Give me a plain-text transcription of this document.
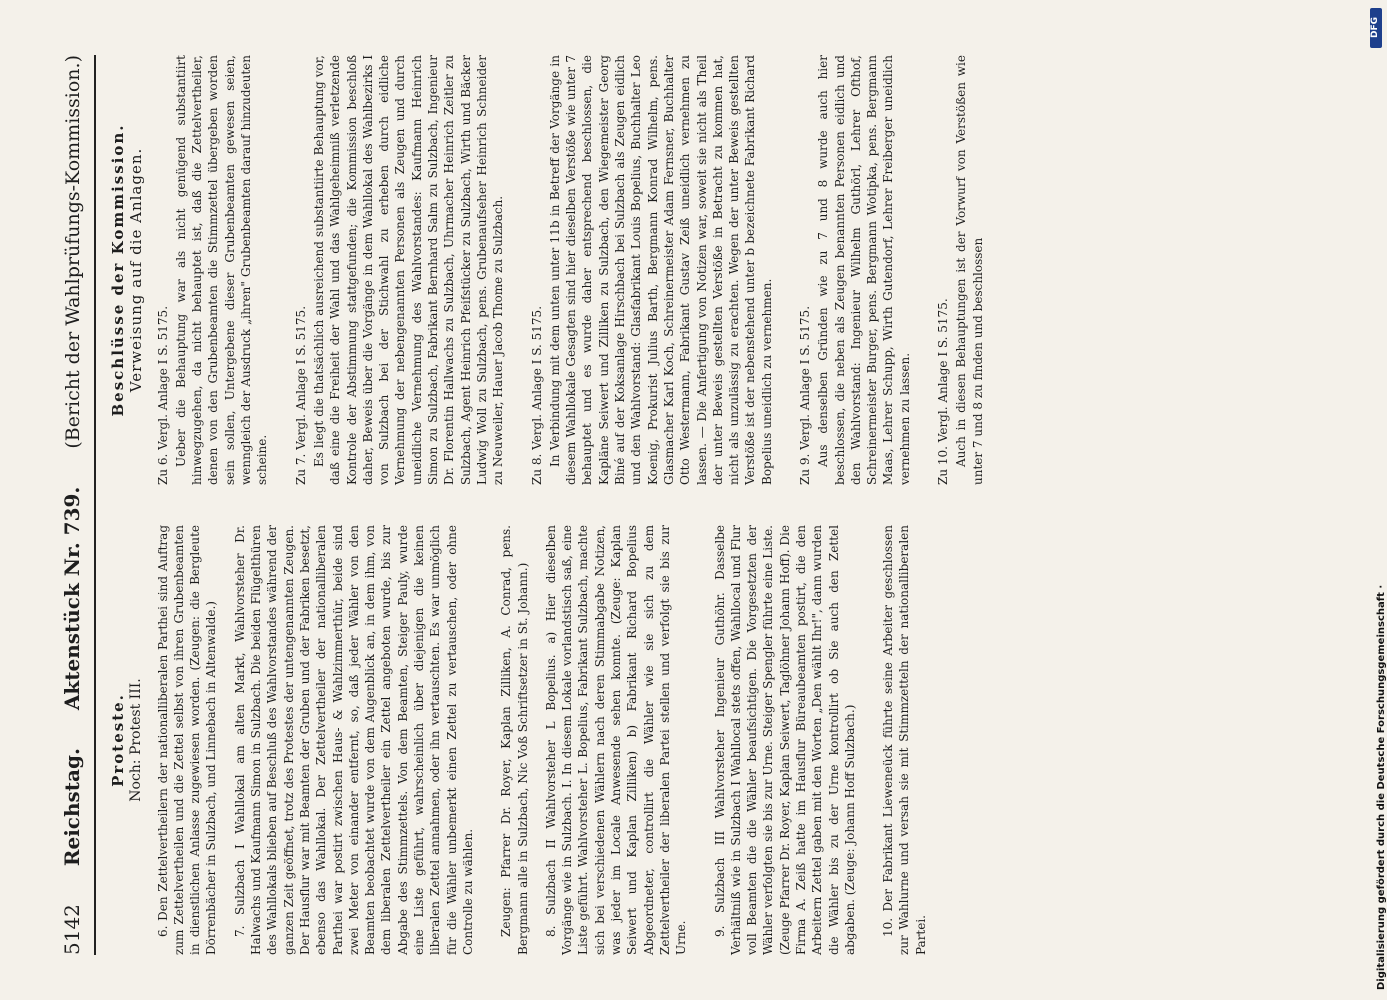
5142
Reichstag.
Aktenstück Nr. 739.
(Bericht der Wahlprüfungs-Kommission.)
Proteste. Noch: Protest III. 6. Den Zettelvertheilern der nationalliberalen Parthei sind Auftrag zum Zettelvertheilen und die Zettel selbst von ihren Grubenbeamten in dienstlichen Anlasse zugewiesen worden. (Zeugen: die Bergleute Dörrenbächer in Sulzbach, und Linnebach in Altenwalde.) 7. Sulzbach I Wahllokal am alten Markt, Wahlvorsteher Dr. Halwachs und Kaufmann Simon in Sulzbach. Die beiden Flügelthüren des Wahllokals blieben auf Beschluß des Wahlvorstandes während der ganzen Zeit geöffnet, trotz des Protestes der untengenannten Zeugen. Der Hausflur war mit Beamten der Gruben und der Fabriken besetzt, ebenso das Wahllokal. Der Zettelvertheiler der nationalliberalen Parthei war postirt zwischen Haus- & Wahlzimmerthür, beide sind zwei Meter von einander entfernt, so, daß jeder Wähler von den Beamten beobachtet wurde von dem Augenblick an, in dem ihm, von dem liberalen Zettelvertheiler ein Zettel angeboten wurde, bis zur Abgabe des Stimmzettels. Von dem Beamten, Steiger Pauly, wurde eine Liste geführt, wahrscheinlich über diejenigen die keinen liberalen Zettel annahmen, oder ihn vertauschten. Es war unmöglich für die Wähler unbemerkt einen Zettel zu vertauschen, oder ohne Controlle zu wählen. Zeugen: Pfarrer Dr. Royer, Kaplan Zilliken, A. Conrad, pens. Bergmann alle in Sulzbach, Nic Voß Schriftsetzer in St. Johann.) 8. Sulzbach II Wahlvorsteher L Bopelius. a) Hier dieselben Vorgänge wie in Sulzbach. I. In diesem Lokale vorlandstisch saß, eine Liste geführt. Wahlvorsteher L. Bopelius, Fabrikant Sulzbach, machte sich bei verschiedenen Wählern nach deren Stimmabgabe Notizen, was jeder im Locale Anwesende sehen konnte. (Zeuge: Kaplan Seiwert und Kaplan Zilliken) b) Fabrikant Richard Bopelius Abgeordneter, controllirt die Wähler wie sie sich zu dem Zettelvertheiler der liberalen Partei stellen und verfolgt sie bis zur Urne.

9. Sulzbach III Wahlvorsteher Ingenieur Guthöhr. Dasselbe Verhältniß wie in Sulzbach I Wahllocal stets offen, Wahllocal und Flur voll Beamten die die Wähler beaufsichtigen. Die Vorgesetzten der Wähler verfolgten sie bis zur Urne. Steiger Spengler führte eine Liste. (Zeuge Pfarrer Dr. Royer, Kaplan Seiwert, Taglöhner Johann Hoff). Die Firma A. Zeiß hatte im Hausflur Büreaubeamten postirt, die den Arbeitern Zettel gaben mit den Worten „Den wählt Ihr!", dann wurden die Wähler bis zu der Urne kontrollirt ob Sie auch den Zettel abgaben. (Zeuge: Johann Hoff Sulzbach.) 10. Der Fabrikant Lieweneück führte seine Arbeiter geschlossen zur Wahlurne und versah sie mit Stimmzetteln der nationalliberalen Partei.

Beschlüsse der Kommission. Verweisung auf die Anlagen.

Zu 6. Vergl. Anlage I S. 5175. Ueber die Behauptung war als nicht genügend substantiirt hinwegzugehen, da nicht behauptet ist, daß die Zettelvertheiler, denen von den Grubenbeamten die Stimmzettel übergeben worden sein sollen, Untergebene dieser Grubenbeamten gewesen seien, wenngleich der Ausdruck „ihren" Grubenbeamten darauf hinzudeuten scheine. Zu 7. Vergl. Anlage I S. 5175. Es liegt die thatsächlich ausreichend substantiirte Behauptung vor, daß eine die Freiheit der Wahl und das Wahlgeheimniß verletzende Kontrole der Abstimmung stattgefunden; die Kommission beschloß daher, Beweis über die Vorgänge in dem Wahllokal des Wahlbezirks I von Sulzbach bei der Stichwahl zu erheben durch eidliche Vernehmung der nebengenannten Personen als Zeugen und durch uneidliche Vernehmung des Wahlvorstandes: Kaufmann Heinrich Simon zu Sulzbach, Fabrikant Bernhard Salm zu Sulzbach, Ingenieur Dr. Florentin Hallwachs zu Sulzbach, Uhrmacher Heinrich Zeitler zu Sulzbach, Agent Heinrich Pfeifstücker zu Sulzbach, Wirth und Bäcker Ludwig Woll zu Sulzbach, pens. Grubenaufseher Heinrich Schneider zu Neuweiler, Hauer Jacob Thome zu Sulzbach. Zu 8. Vergl. Anlage I S. 5175. In Verbindung mit dem unten unter 11b in Betreff der Vorgänge in diesem Wahllokale Gesagten sind hier dieselben Verstöße wie unter 7 behauptet und es wurde daher entsprechend beschlossen, die Kapläne Seiwert und Zilliken zu Sulzbach, den Wiegemeister Georg Biné auf der Koksanlage Hirschbach bei Sulzbach als Zeugen eidlich und den Wahlvorstand: Glasfabrikant Louis Bopelius, Buchhalter Leo Koenig, Prokurist Julius Barth, Bergmann Konrad Wilhelm, pens. Glasmacher Karl Koch, Schreinermeister Adam Fernsner, Buchhalter Otto Westermann, Fabrikant Gustav Zeiß uneidlich vernehmen zu lassen. — Die Anfertigung von Notizen war, soweit sie nicht als Theil der unter Beweis gestellten Verstöße in Betracht zu kommen hat, nicht als unzulässig zu erachten. Wegen der unter Beweis gestellten Verstöße ist der nebenstehend unter b bezeichnete Fabrikant Richard Bopelius uneidlich zu vernehmen. Zu 9. Vergl. Anlage I S. 5175. Aus denselben Gründen wie zu 7 und 8 wurde auch hier beschlossen, die neben als Zeugen benannten Personen eidlich und den Wahlvorstand: Ingenieur Wilhelm Guthörl, Lehrer Ofthof, Schreinermeister Burger, pens. Bergmann Wotipka, pens. Bergmann Maas, Lehrer Schupp, Wirth Gutendorf, Lehrer Freiberger uneidlich vernehmen zu lassen. Zu 10. Vergl. Anlage I S. 5175. Auch in diesen Behauptungen ist der Vorwurf von Verstößen wie unter 7 und 8 zu finden und beschlossen

Digitalisierung gefördert durch die Deutsche Forschungsgemeinschaft ·
DFG
